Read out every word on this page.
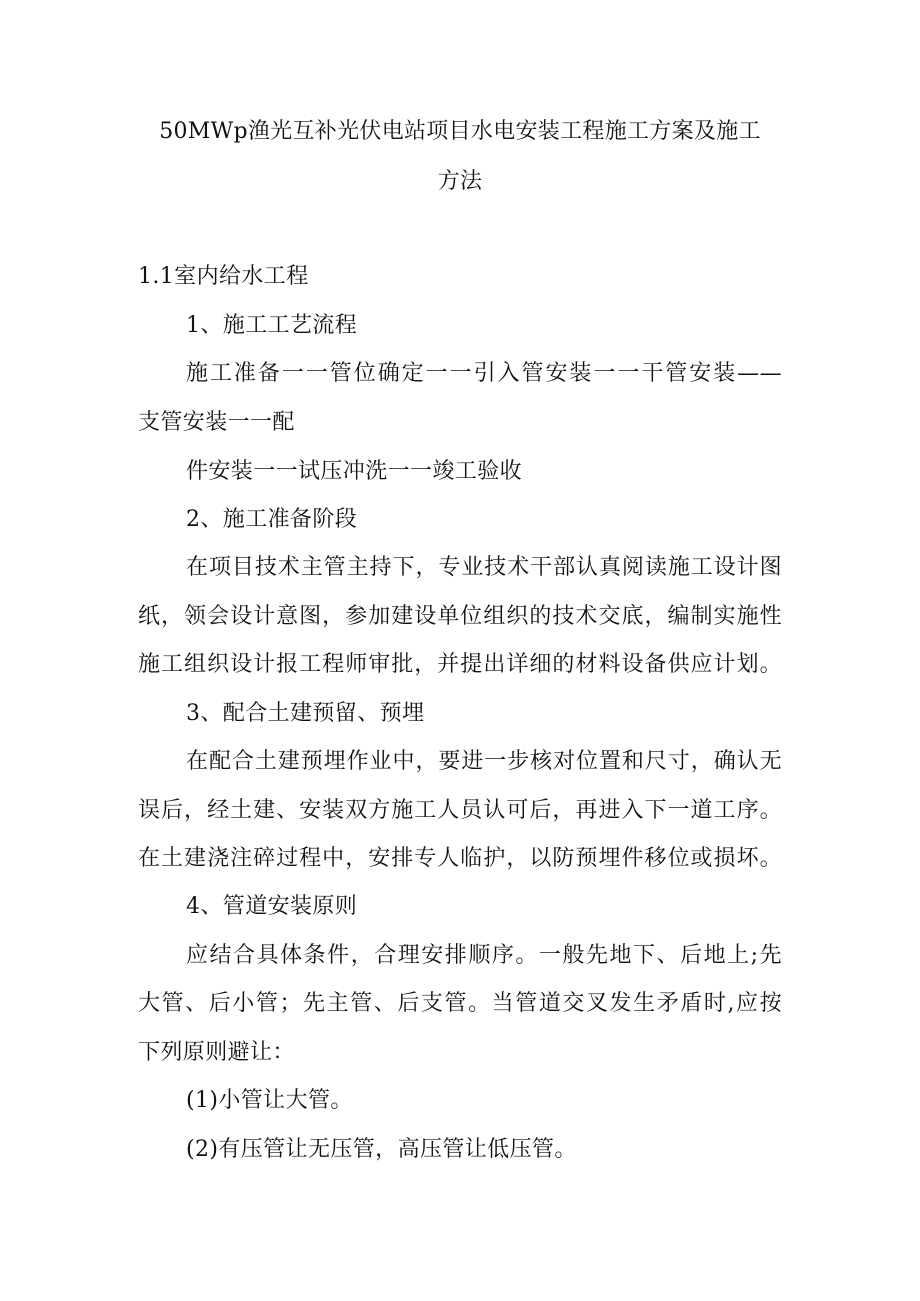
50MWp渔光互补光伏电站项目水电安装工程施工方案及施工
方法
1.1室内给水工程
1、施工工艺流程
施工准备一一管位确定一一引入管安装一一干管安装——
支管安装一一配
件安装一一试压冲洗一一竣工验收
2、施工准备阶段
在项目技术主管主持下，专业技术干部认真阅读施工设计图
纸，领会设计意图，参加建设单位组织的技术交底，编制实施性
施工组织设计报工程师审批，并提出详细的材料设备供应计划。
3、配合土建预留、预埋
在配合土建预埋作业中，要进一步核对位置和尺寸，确认无
误后，经土建、安装双方施工人员认可后，再进入下一道工序。
在土建浇注碎过程中，安排专人临护，以防预埋件移位或损坏。
4、管道安装原则
应结合具体条件，合理安排顺序。一般先地下、后地上;先
大管、后小管；先主管、后支管。当管道交叉发生矛盾时,应按
下列原则避让：
(1)小管让大管。
(2)有压管让无压管，高压管让低压管。
